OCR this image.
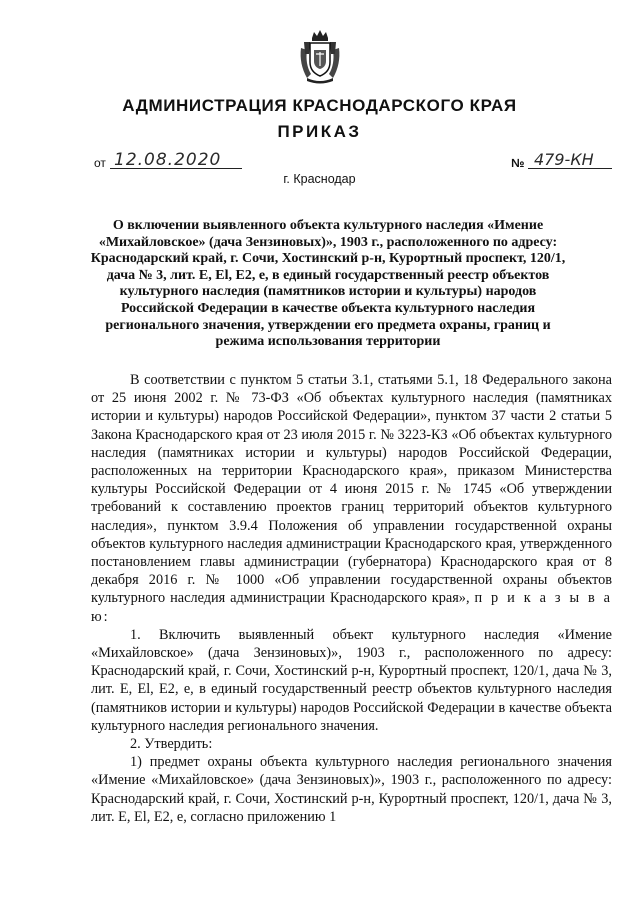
АДМИНИСТРАЦИЯ КРАСНОДАРСКОГО КРАЯ
ПРИКАЗ
от 12.08.2020	№ 479-КН
г. Краснодар
О включении выявленного объекта культурного наследия «Имение «Михайловское» (дача Зензиновых)», 1903 г., расположенного по адресу: Краснодарский край, г. Сочи, Хостинский р-н, Курортный проспект, 120/1, дача № 3, лит. Е, El, Е2, е, в единый государственный реестр объектов культурного наследия (памятников истории и культуры) народов Российской Федерации в качестве объекта культурного наследия регионального значения, утверждении его предмета охраны, границ и режима использования территории

В соответствии с пунктом 5 статьи 3.1, статьями 5.1, 18 Федерального закона от 25 июня 2002 г. № 73-ФЗ «Об объектах культурного наследия (памятниках истории и культуры) народов Российской Федерации», пунктом 37 части 2 статьи 5 Закона Краснодарского края от 23 июля 2015 г. № 3223-КЗ «Об объектах культурного наследия (памятниках истории и культуры) народов Российской Федерации, расположенных на территории Краснодарского края», приказом Министерства культуры Российской Федерации от 4 июня 2015 г. № 1745 «Об утверждении требований к составлению проектов границ территорий объектов культурного наследия», пунктом 3.9.4 Положения об управлении государственной охраны объектов культурного наследия администрации Краснодарского края, утвержденного постановлением главы администрации (губернатора) Краснодарского края от 8 декабря 2016 г. № 1000 «Об управлении государственной охраны объектов культурного наследия администрации Краснодарского края», п р и к а з ы в а ю:

1. Включить выявленный объект культурного наследия «Имение «Михайловское» (дача Зензиновых)», 1903 г., расположенного по адресу: Краснодарский край, г. Сочи, Хостинский р-н, Курортный проспект, 120/1, дача № 3, лит. Е, El, Е2, е, в единый государственный реестр объектов культурного наследия (памятников истории и культуры) народов Российской Федерации в качестве объекта культурного наследия регионального значения.

2. Утвердить:

1) предмет охраны объекта культурного наследия регионального значения «Имение «Михайловское» (дача Зензиновых)», 1903 г., расположенного по адресу: Краснодарский край, г. Сочи, Хостинский р-н, Курортный проспект, 120/1, дача № 3, лит. Е, El, Е2, е, согласно приложению 1
